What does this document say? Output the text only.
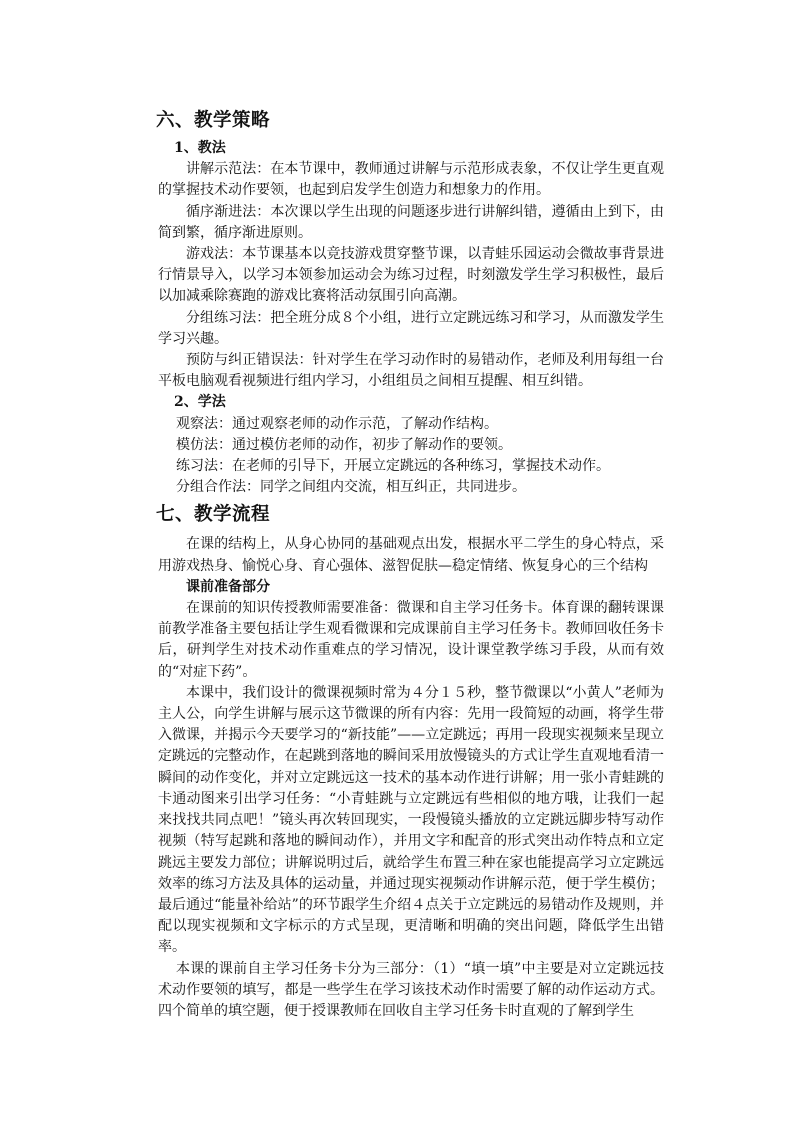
六、教学策略
1、教法

讲解示范法：在本节课中，教师通过讲解与示范形成表象，不仅让学生更直观的掌握技术动作要领，也起到启发学生创造力和想象力的作用。

循序渐进法：本次课以学生出现的问题逐步进行讲解纠错，遵循由上到下，由简到繁，循序渐进原则。

游戏法：本节课基本以竞技游戏贯穿整节课，以青蛙乐园运动会微故事背景进行情景导入，以学习本领参加运动会为练习过程，时刻激发学生学习积极性，最后以加减乘除赛跑的游戏比赛将活动氛围引向高潮。

分组练习法：把全班分成８个小组，进行立定跳远练习和学习，从而激发学生学习兴趣。

预防与纠正错误法：针对学生在学习动作时的易错动作，老师及利用每组一台平板电脑观看视频进行组内学习，小组组员之间相互提醒、相互纠错。

2、学法

观察法：通过观察老师的动作示范，了解动作结构。

模仿法：通过模仿老师的动作，初步了解动作的要领。

练习法：在老师的引导下，开展立定跳远的各种练习，掌握技术动作。

分组合作法：同学之间组内交流，相互纠正，共同进步。

七、教学流程

在课的结构上，从身心协同的基础观点出发，根据水平二学生的身心特点，采用游戏热身、愉悦心身、育心强体、滋智促肤—稳定情绪、恢复身心的三个结构

课前准备部分

在课前的知识传授教师需要准备：微课和自主学习任务卡。体育课的翻转课课前教学准备主要包括让学生观看微课和完成课前自主学习任务卡。教师回收任务卡后，研判学生对技术动作重难点的学习情况，设计课堂教学练习手段，从而有效的“对症下药”。

本课中，我们设计的微课视频时常为４分１５秒，整节微课以“小黄人”老师为主人公，向学生讲解与展示这节微课的所有内容：先用一段简短的动画，将学生带入微课，并揭示今天要学习的“新技能”——立定跳远；再用一段现实视频来呈现立定跳远的完整动作，在起跳到落地的瞬间采用放慢镜头的方式让学生直观地看清一瞬间的动作变化，并对立定跳远这一技术的基本动作进行讲解；用一张小青蛙跳的卡通动图来引出学习任务：“小青蛙跳与立定跳远有些相似的地方哦，让我们一起来找找共同点吧！”镜头再次转回现实，一段慢镜头播放的立定跳远脚步特写动作视频（特写起跳和落地的瞬间动作），并用文字和配音的形式突出动作特点和立定跳远主要发力部位；讲解说明过后，就给学生布置三种在家也能提高学习立定跳远效率的练习方法及具体的运动量，并通过现实视频动作讲解示范，便于学生模仿；最后通过“能量补给站”的环节跟学生介绍４点关于立定跳远的易错动作及规则，并配以现实视频和文字标示的方式呈现，更清晰和明确的突出问题，降低学生出错率。

本课的课前自主学习任务卡分为三部分：（1）“填一填”中主要是对立定跳远技术动作要领的填写，都是一些学生在学习该技术动作时需要了解的动作运动方式。四个简单的填空题，便于授课教师在回收自主学习任务卡时直观的了解到学生
